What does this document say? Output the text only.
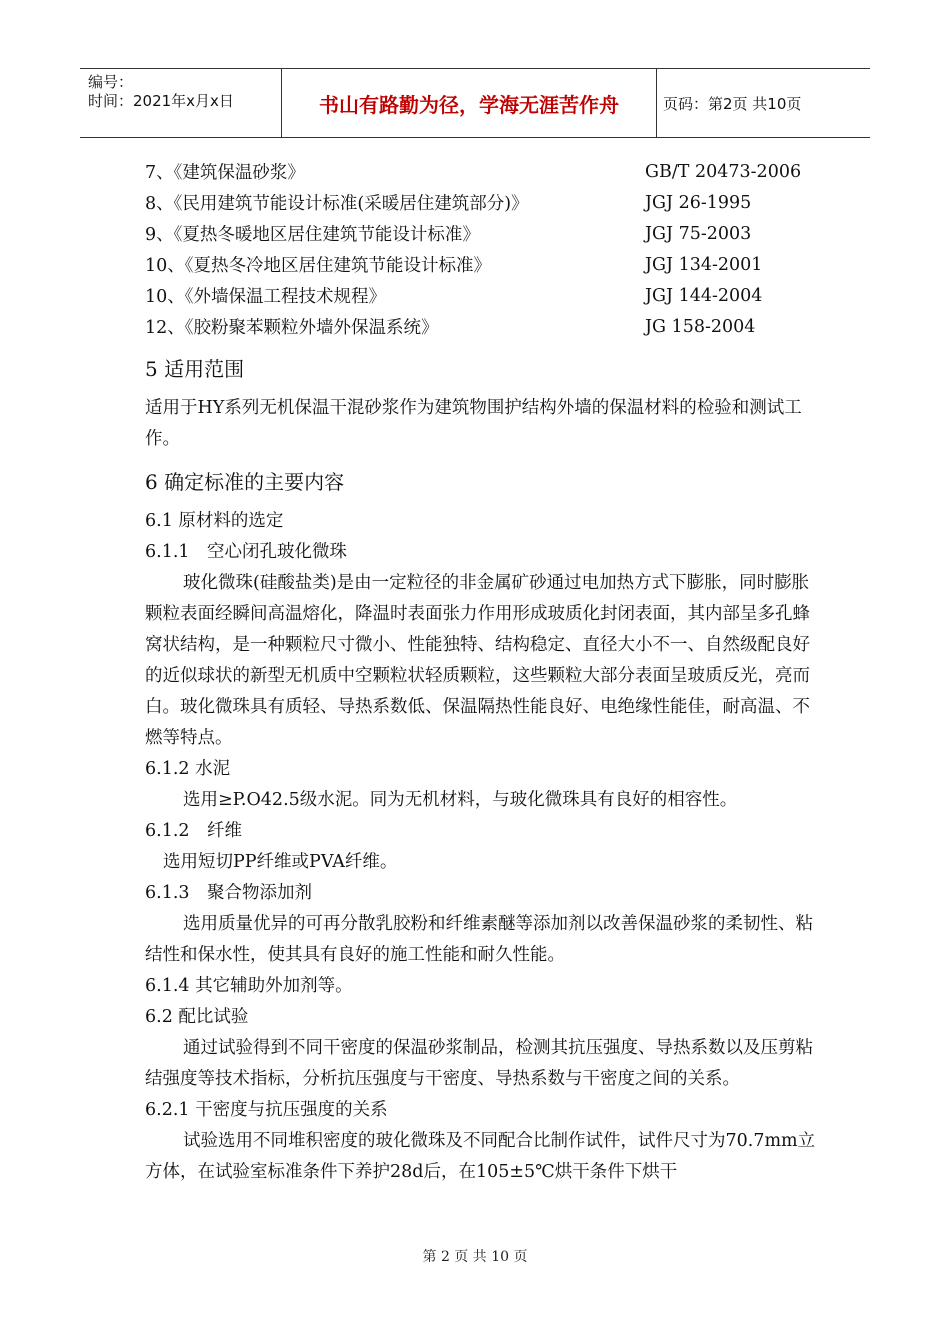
编号：
时间：2021年x月x日	书山有路勤为径，学海无涯苦作舟	页码：第2页 共10页
7、《建筑保温砂浆》	GB/T 20473-2006
8、《民用建筑节能设计标准(采暖居住建筑部分)》	JGJ 26-1995
9、《夏热冬暖地区居住建筑节能设计标准》	JGJ 75-2003
10、《夏热冬冷地区居住建筑节能设计标准》	JGJ 134-2001
10、《外墙保温工程技术规程》	JGJ 144-2004
12、《胶粉聚苯颗粒外墙外保温系统》	JG 158-2004
5 适用范围

适用于HY系列无机保温干混砂浆作为建筑物围护结构外墙的保温材料的检验和测试工作。

6 确定标准的主要内容
6.1 原材料的选定
6.1.1　空心闭孔玻化微珠

玻化微珠(硅酸盐类)是由一定粒径的非金属矿砂通过电加热方式下膨胀，同时膨胀颗粒表面经瞬间高温熔化，降温时表面张力作用形成玻质化封闭表面，其内部呈多孔蜂窝状结构，是一种颗粒尺寸微小、性能独特、结构稳定、直径大小不一、自然级配良好的近似球状的新型无机质中空颗粒状轻质颗粒，这些颗粒大部分表面呈玻质反光，亮而白。玻化微珠具有质轻、导热系数低、保温隔热性能良好、电绝缘性能佳，耐高温、不燃等特点。

6.1.2 水泥

选用≥P.O42.5级水泥。同为无机材料，与玻化微珠具有良好的相容性。

6.1.2　纤维

选用短切PP纤维或PVA纤维。

6.1.3　聚合物添加剂

选用质量优异的可再分散乳胶粉和纤维素醚等添加剂以改善保温砂浆的柔韧性、粘结性和保水性，使其具有良好的施工性能和耐久性能。

6.1.4 其它辅助外加剂等。
6.2 配比试验

通过试验得到不同干密度的保温砂浆制品，检测其抗压强度、导热系数以及压剪粘结强度等技术指标，分析抗压强度与干密度、导热系数与干密度之间的关系。

6.2.1 干密度与抗压强度的关系

试验选用不同堆积密度的玻化微珠及不同配合比制作试件，试件尺寸为70.7mm立方体，在试验室标准条件下养护28d后，在105±5℃烘干条件下烘干

第 2 页 共 10 页
